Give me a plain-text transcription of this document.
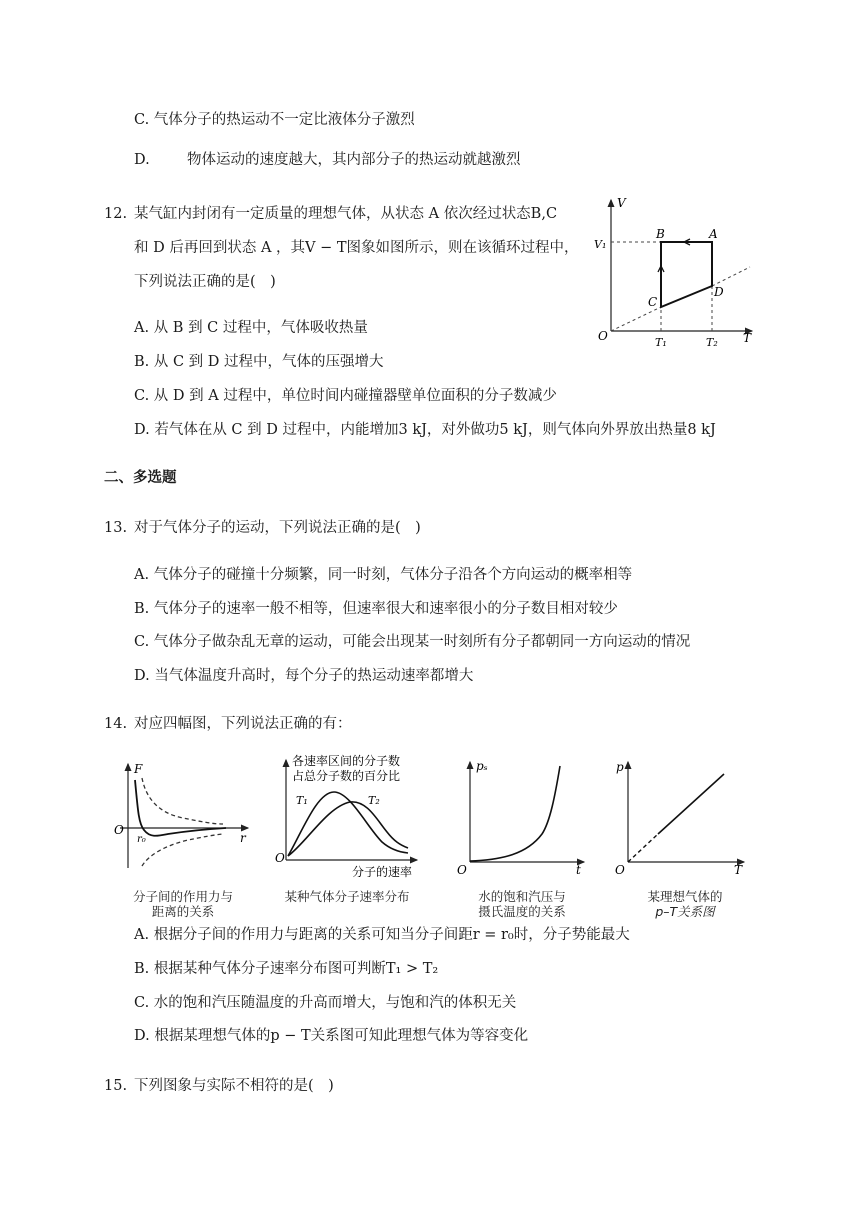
C. 气体分子的热运动不一定比液体分子激烈
D.	物体运动的速度越大，其内部分子的热运动就越激烈
12. 某气缸内封闭有一定质量的理想气体，从状态 A 依次经过状态B,C
和 D 后再回到状态 A ，其V − T图象如图所示，则在该循环过程中，
下列说法正确的是(　)
A. 从 B 到 C 过程中，气体吸收热量
B. 从 C 到 D 过程中，气体的压强增大
C. 从 D 到 A 过程中，单位时间内碰撞器壁单位面积的分子数减少
D. 若气体在从 C 到 D 过程中，内能增加3 kJ，对外做功5 kJ，则气体向外界放出热量8 kJ
V
T
O
V₁
T₁	T₂
B	A
C
D
二、多选题
13. 对于气体分子的运动，下列说法正确的是(　)
A. 气体分子的碰撞十分频繁，同一时刻，气体分子沿各个方向运动的概率相等
B. 气体分子的速率一般不相等，但速率很大和速率很小的分子数目相对较少
C. 气体分子做杂乱无章的运动，可能会出现某一时刻所有分子都朝同一方向运动的情况
D. 当气体温度升高时，每个分子的热运动速率都增大
14. 对应四幅图，下列说法正确的有：
F
r
O
r₀
分子间的作用力与
距离的关系
各速率区间的分子数
占总分子数的百分比
O
分子的速率
T₁	T₂
某种气体分子速率分布
pₛ
t
O
水的饱和汽压与
摄氏温度的关系
p
T
O
某理想气体的
p–T关系图
A. 根据分子间的作用力与距离的关系可知当分子间距r = r₀时，分子势能最大
B. 根据某种气体分子速率分布图可判断T₁ > T₂
C. 水的饱和汽压随温度的升高而增大，与饱和汽的体积无关
D. 根据某理想气体的p − T关系图可知此理想气体为等容变化
15. 下列图象与实际不相符的是(　)
